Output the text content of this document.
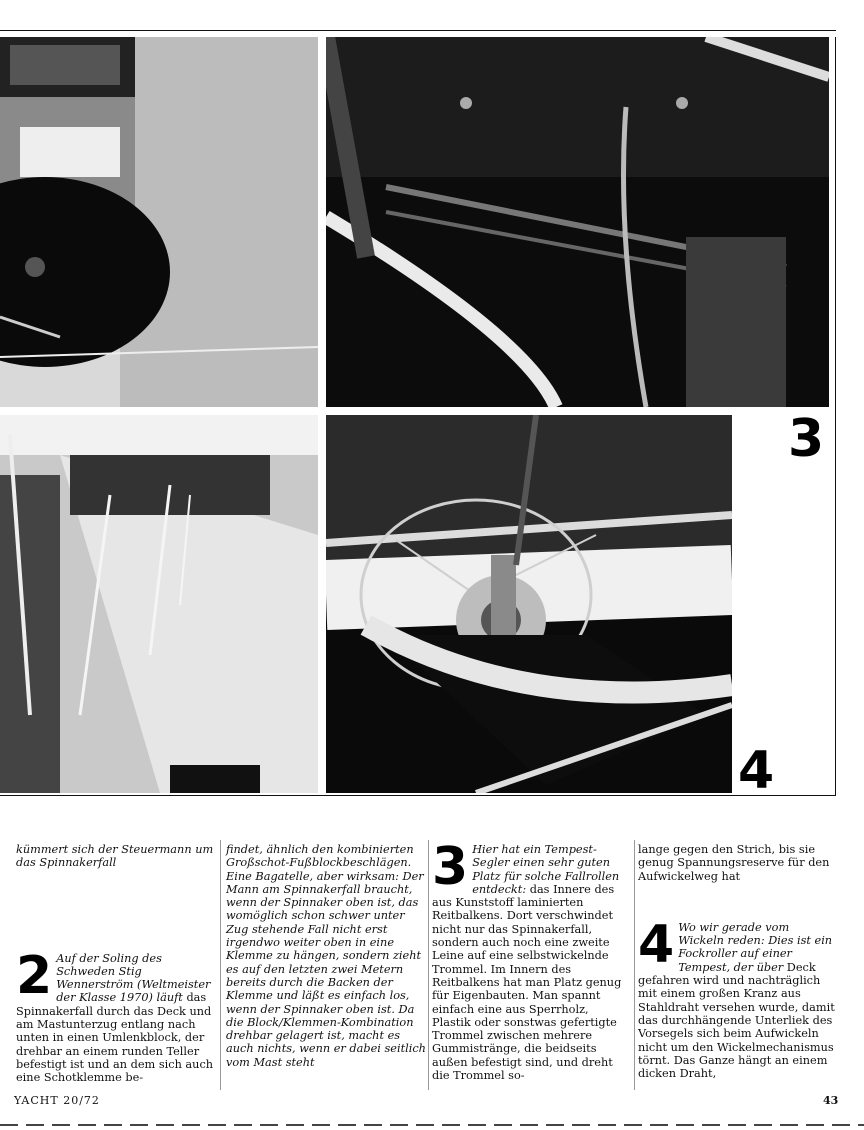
3
4

kümmert sich der Steuermann um das Spinnakerfall

2 Auf der Soling des Schweden Stig Wennerström (Weltmeister der Klasse 1970) läuft das Spinnakerfall durch das Deck und am Mastunterzug entlang nach unten in einen Umlenkblock, der drehbar an einem runden Teller befestigt ist und an dem sich auch eine Schotklemme be-

findet, ähnlich den kombinierten Großschot-Fußblockbeschlägen. Eine Bagatelle, aber wirksam: Der Mann am Spinnakerfall braucht, wenn der Spinnaker oben ist, das womöglich schon schwer unter Zug stehende Fall nicht erst irgendwo weiter oben in eine Klemme zu hängen, sondern zieht es auf den letzten zwei Metern bereits durch die Backen der Klemme und läßt es einfach los, wenn der Spinnaker oben ist. Da die Block/Klemmen-Kombination drehbar gelagert ist, macht es auch nichts, wenn er dabei seitlich vom Mast steht

3 Hier hat ein Tempest-Segler einen sehr guten Platz für solche Fallrollen entdeckt: das Innere des aus Kunststoff laminierten Reitbalkens. Dort verschwindet nicht nur das Spinnakerfall, sondern auch noch eine zweite Leine auf eine selbstwickelnde Trommel. Im Innern des Reitbalkens hat man Platz genug für Eigenbauten. Man spannt einfach eine aus Sperrholz, Plastik oder sonstwas gefertigte Trommel zwischen mehrere Gummistränge, die beidseits außen befestigt sind, und dreht die Trommel so-

lange gegen den Strich, bis sie genug Spannungsreserve für den Aufwickelweg hat

4 Wo wir gerade vom Wickeln reden: Dies ist ein Fockroller auf einer Tempest, der über Deck gefahren wird und nachträglich mit einem großen Kranz aus Stahldraht versehen wurde, damit das durchhängende Unterliek des Vorsegels sich beim Aufwickeln nicht um den Wickelmechanismus törnt. Das Ganze hängt an einem dicken Draht,

YACHT 20/72	43
